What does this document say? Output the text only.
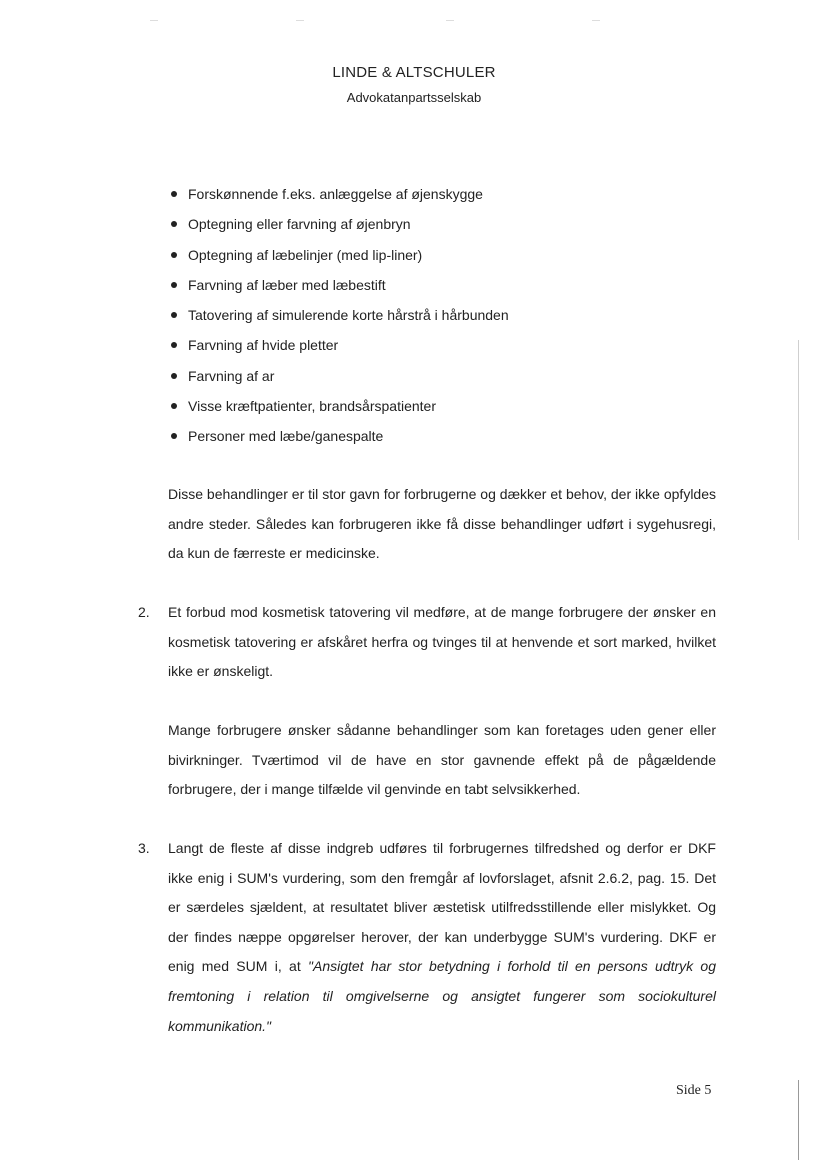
LINDE & ALTSCHULER
Advokatanpartsselskab
Forskønnende f.eks. anlæggelse af øjenskygge
Optegning eller farvning af øjenbryn
Optegning af læbelinjer (med lip-liner)
Farvning af læber med læbestift
Tatovering af simulerende korte hårstrå i hårbunden
Farvning af hvide pletter
Farvning af ar
Visse kræftpatienter, brandsårspatienter
Personer med læbe/ganespalte
Disse behandlinger er til stor gavn for forbrugerne og dækker et behov, der ikke opfyldes andre steder. Således kan forbrugeren ikke få disse behandlinger udført i sygehusregi, da kun de færreste er medicinske.
2. Et forbud mod kosmetisk tatovering vil medføre, at de mange forbrugere der ønsker en kosmetisk tatovering er afskåret herfra og tvinges til at henvende et sort marked, hvilket ikke er ønskeligt.
Mange forbrugere ønsker sådanne behandlinger som kan foretages uden gener eller bivirkninger. Tværtimod vil de have en stor gavnende effekt på de pågældende forbrugere, der i mange tilfælde vil genvinde en tabt selvsikkerhed.
3. Langt de fleste af disse indgreb udføres til forbrugernes tilfredshed og derfor er DKF ikke enig i SUM's vurdering, som den fremgår af lovforslaget, afsnit 2.6.2, pag. 15. Det er særdeles sjældent, at resultatet bliver æstetisk utilfredsstillende eller mislykket. Og der findes næppe opgørelser herover, der kan underbygge SUM's vurdering. DKF er enig med SUM i, at "Ansigtet har stor betydning i forhold til en persons udtryk og fremtoning i relation til omgivelserne og ansigtet fungerer som sociokulturel kommunikation."
Side 5
